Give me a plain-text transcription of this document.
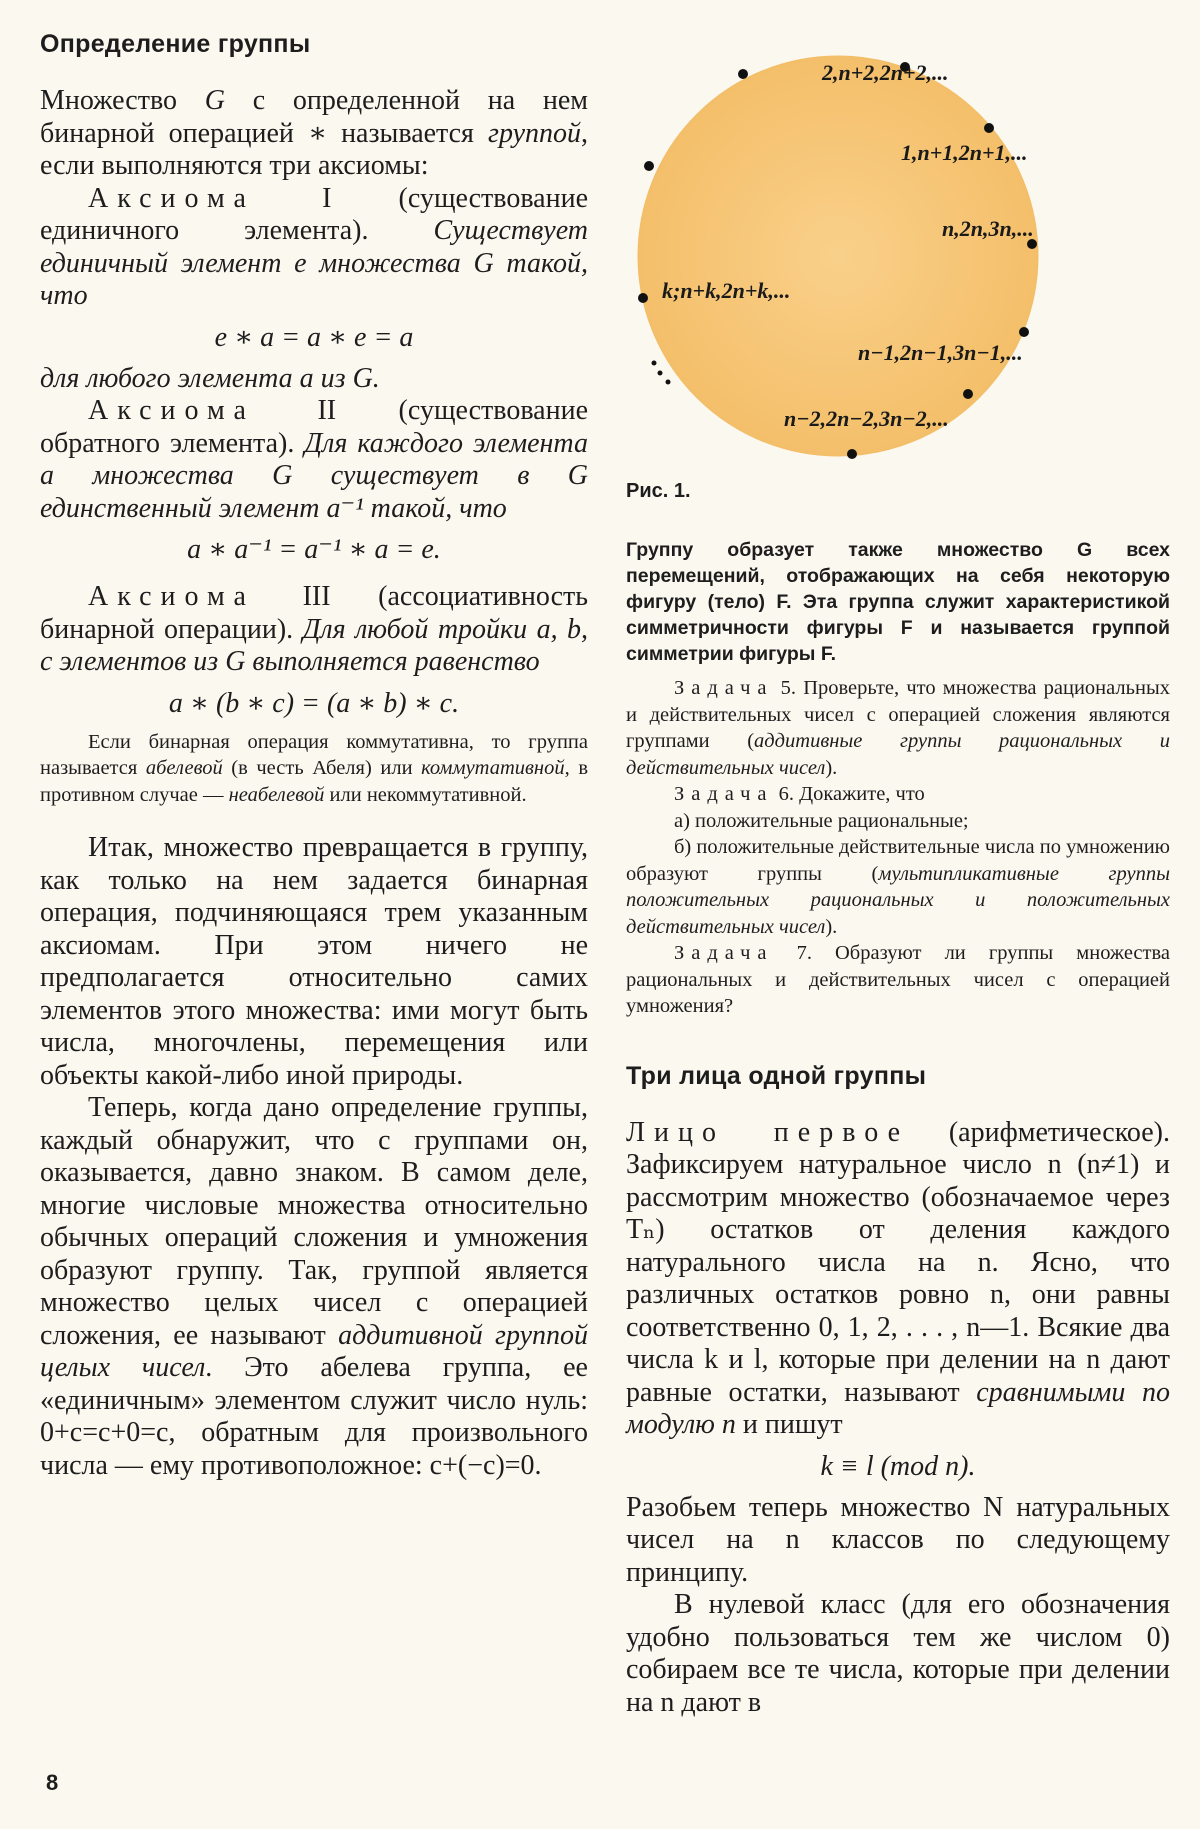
Определение группы

Множество G с определенной на нем бинарной операцией ∗ называется группой, если выполняются три аксиомы:

Аксиома I (существование единичного элемента). Существует единичный элемент e множества G такой, что

e ∗ a = a ∗ e = a

для любого элемента a из G.

Аксиома II (существование обратного элемента). Для каждого элемента a множества G существует в G единственный элемент a⁻¹ такой, что

a ∗ a⁻¹ = a⁻¹ ∗ a = e.

Аксиома III (ассоциативность бинарной операции). Для любой тройки a, b, c элементов из G выполняется равенство

a ∗ (b ∗ c) = (a ∗ b) ∗ c.

Если бинарная операция коммутативна, то группа называется абелевой (в честь Абеля) или коммутативной, в противном случае — неабелевой или некоммутативной.

Итак, множество превращается в группу, как только на нем задается бинарная операция, подчиняющаяся трем указанным аксиомам. При этом ничего не предполагается относительно самих элементов этого множества: ими могут быть числа, многочлены, перемещения или объекты какой-либо иной природы.

Теперь, когда дано определение группы, каждый обнаружит, что с группами он, оказывается, давно знаком. В самом деле, многие числовые множества относительно обычных операций сложения и умножения образуют группу. Так, группой является множество целых чисел с операцией сложения, ее называют аддитивной группой целых чисел. Это абелева группа, ее «единичным» элементом служит число нуль: 0+c=c+0=c, обратным для произвольного числа — ему противоположное: c+(−c)=0.

2,n+2,2n+2,...
1,n+1,2n+1,...
n,2n,3n,...
k;n+k,2n+k,...
n−1,2n−1,3n−1,...
n−2,2n−2,3n−2,...
Рис. 1.

Группу образует также множество G всех перемещений, отображающих на себя некоторую фигуру (тело) F. Эта группа служит характеристикой симметричности фигуры F и называется группой симметрии фигуры F.

Задача 5. Проверьте, что множества рациональных и действительных чисел с операцией сложения являются группами (аддитивные группы рациональных и действительных чисел).

Задача 6. Докажите, что

а) положительные рациональные;

б) положительные действительные числа по умножению образуют группы (мультипликативные группы положительных рациональных и положительных действительных чисел).

Задача 7. Образуют ли группы множества рациональных и действительных чисел с операцией умножения?

Три лица одной группы

Лицо первое (арифметическое). Зафиксируем натуральное число n (n≠1) и рассмотрим множество (обозначаемое через Tₙ) остатков от деления каждого натурального числа на n. Ясно, что различных остатков ровно n, они равны соответственно 0, 1, 2, . . . , n—1. Всякие два числа k и l, которые при делении на n дают равные остатки, называют сравнимыми по модулю n и пишут

k ≡ l (mod n).

Разобьем теперь множество N натуральных чисел на n классов по следующему принципу.

В нулевой класс (для его обозначения удобно пользоваться тем же числом 0) собираем все те числа, которые при делении на n дают в

8
